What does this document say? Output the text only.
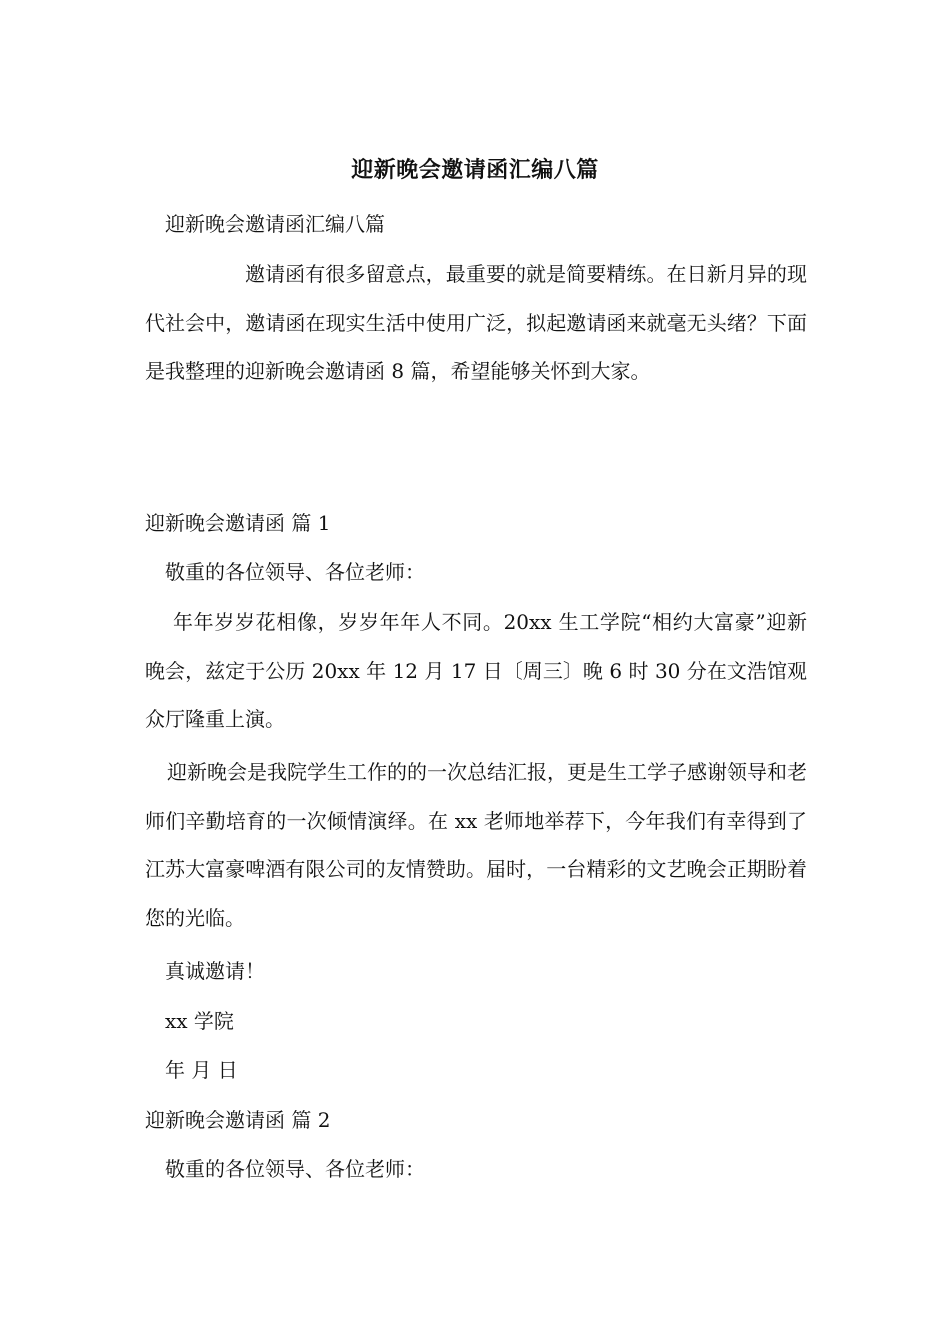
迎新晚会邀请函汇编八篇
迎新晚会邀请函汇编八篇

邀请函有很多留意点，最重要的就是简要精练。在日新月异的现代社会中，邀请函在现实生活中使用广泛，拟起邀请函来就毫无头绪？下面是我整理的迎新晚会邀请函 8 篇，希望能够关怀到大家。

迎新晚会邀请函 篇 1
敬重的各位领导、各位老师：

年年岁岁花相像，岁岁年年人不同。20xx 生工学院“相约大富豪”迎新晚会，兹定于公历 20xx 年 12 月 17 日〔周三〕晚 6 时 30 分在文浩馆观众厅隆重上演。

迎新晚会是我院学生工作的的一次总结汇报，更是生工学子感谢领导和老师们辛勤培育的一次倾情演绎。在 xx 老师地举荐下，今年我们有幸得到了江苏大富豪啤酒有限公司的友情赞助。届时，一台精彩的文艺晚会正期盼着您的光临。

真诚邀请！
xx 学院
年 月 日
迎新晚会邀请函 篇 2
敬重的各位领导、各位老师：
